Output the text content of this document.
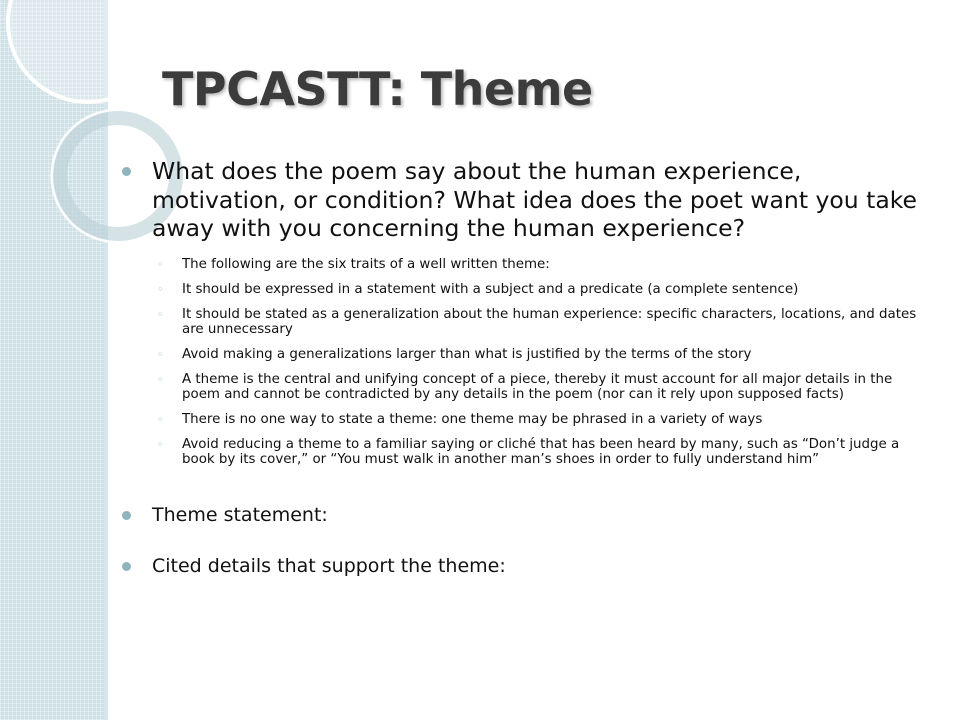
TPCASTT: Theme
What does the poem say about the human experience, motivation, or condition? What idea does the poet want you take away with you concerning the human experience?
◦ The following are the six traits of a well written theme:
◦ It should be expressed in a statement with a subject and a predicate (a complete sentence)
◦ It should be stated as a generalization about the human experience: specific characters, locations, and dates are unnecessary
◦ Avoid making a generalizations larger than what is justified by the terms of the story
◦ A theme is the central and unifying concept of a piece, thereby it must account for all major details in the poem and cannot be contradicted by any details in the poem (nor can it rely upon supposed facts)
◦ There is no one way to state a theme: one theme may be phrased in a variety of ways
◦ Avoid reducing a theme to a familiar saying or cliché that has been heard by many, such as “Don’t judge a book by its cover,” or “You must walk in another man’s shoes in order to fully understand him”
Theme statement:
Cited details that support the theme:
